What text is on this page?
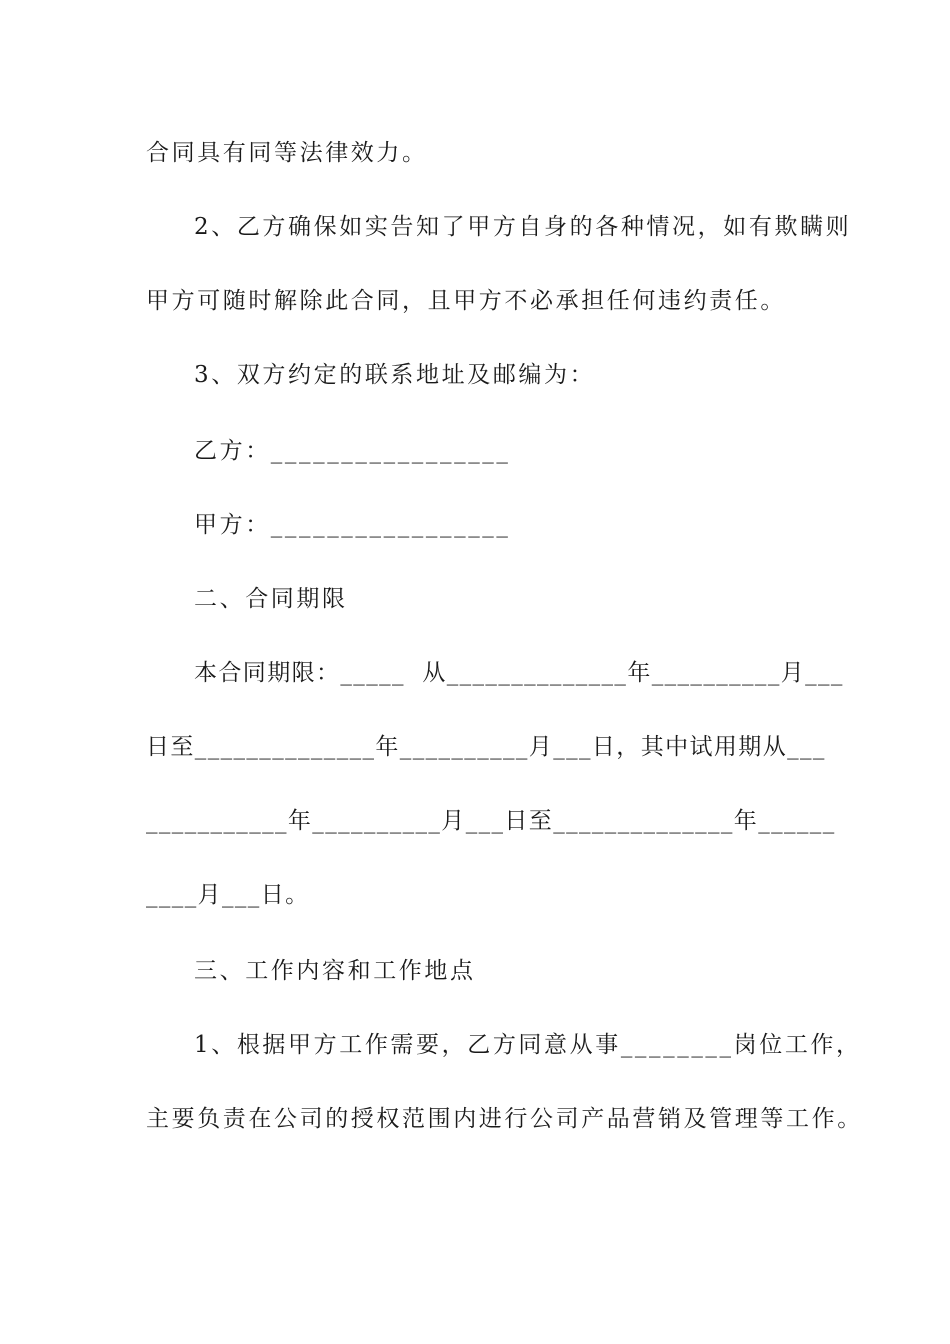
合同具有同等法律效力。
2、乙方确保如实告知了甲方自身的各种情况，如有欺瞒则
甲方可随时解除此合同，且甲方不必承担任何违约责任。
3、双方约定的联系地址及邮编为：
乙方：_________________
甲方：_________________
二、合同期限
本合同期限：_____  从______________年__________月___
日至______________年__________月___日，其中试用期从___
___________年__________月___日至______________年______
____月___日。
三、工作内容和工作地点
1、根据甲方工作需要，乙方同意从事________岗位工作，
主要负责在公司的授权范围内进行公司产品营销及管理等工作。
